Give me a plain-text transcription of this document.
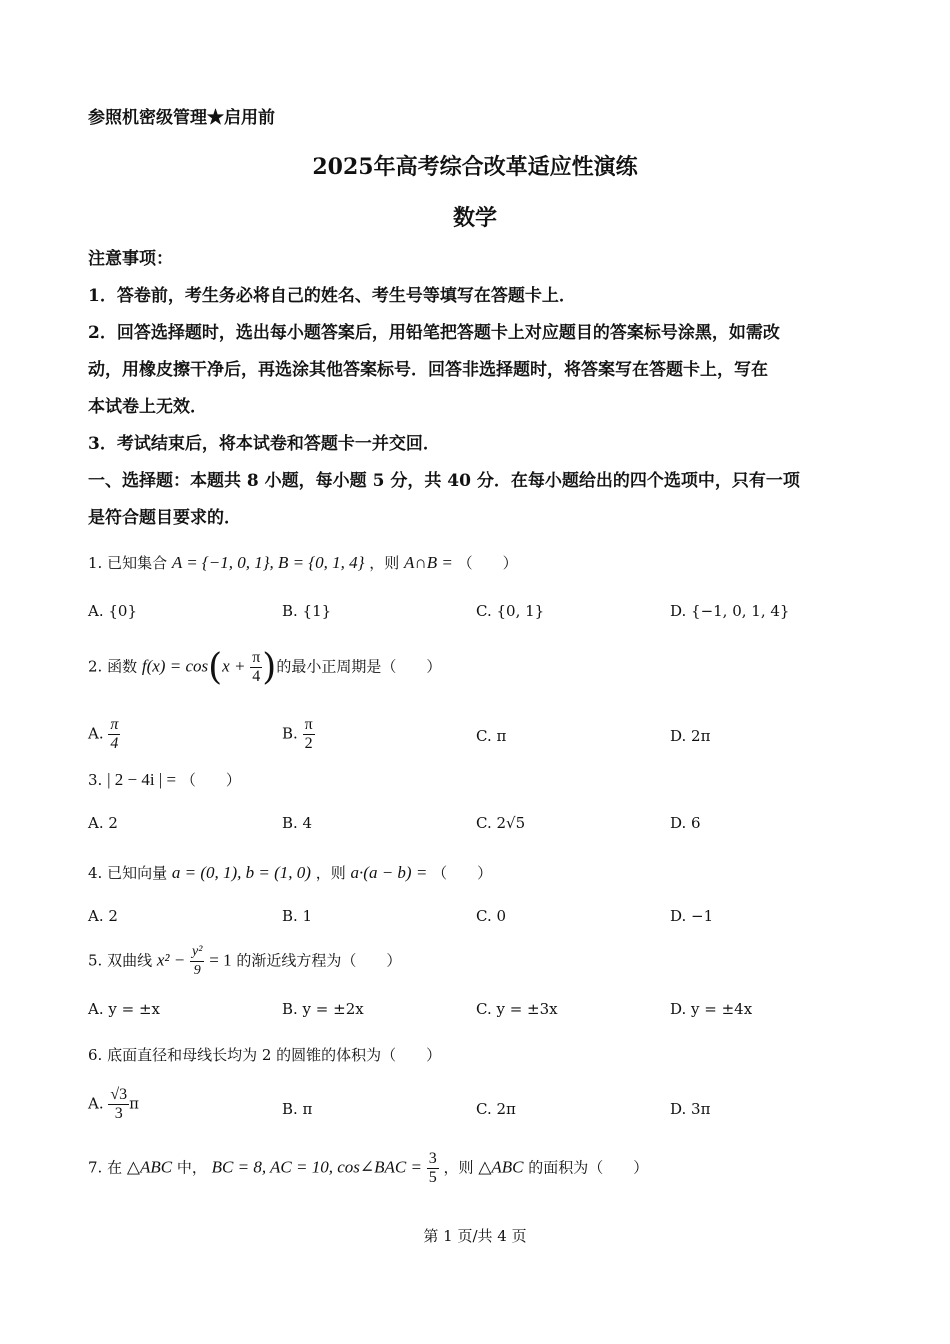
参照机密级管理★启用前
2025年高考综合改革适应性演练
数学
注意事项：
1．答卷前，考生务必将自己的姓名、考生号等填写在答题卡上．
2．回答选择题时，选出每小题答案后，用铅笔把答题卡上对应题目的答案标号涂黑，如需改
动，用橡皮擦干净后，再选涂其他答案标号．回答非选择题时，将答案写在答题卡上，写在
本试卷上无效．
3．考试结束后，将本试卷和答题卡一并交回．
一、选择题：本题共 8 小题，每小题 5 分，共 40 分．在每小题给出的四个选项中，只有一项
是符合题目要求的．
1. 已知集合 A = {−1, 0, 1}, B = {0, 1, 4} ，则 A∩B = （　　）
A. {0}	B. {1}	C. {0, 1}	D. {−1, 0, 1, 4}
2. 函数 $f(x) = \cos(x + \frac{\pi}{4}$ )的最小正周期是（　　）
A. $\frac{\pi}{4}$	B. $\frac{\pi}{2}$	C. π	D. 2π
3. | 2 − 4i | = （　　）
A. 2	B. 4	C. 2√5	D. 6
4. 已知向量 a = (0, 1), b = (1, 0) ，则 a·(a − b) = （　　）
A. 2	B. 1	C. 0	D. −1
5. 双曲线 $x^2 - \frac{\text{y²}}{9} = 1$ 的渐近线方程为（　　）
A. y = ±x	B. y = ±2x	C. y = ±3x	D. y = ±4x
6. 底面直径和母线长均为 2 的圆锥的体积为（　　）
A. $\frac{√3}{3}$ π	B. π	C. 2π	D. 3π
7. 在 △ABC 中， BC = 8, AC = 10, cos∠BAC = $\frac{3}{5}$ ，则 △ABC 的面积为（　　）
第 1 页/共 4 页
